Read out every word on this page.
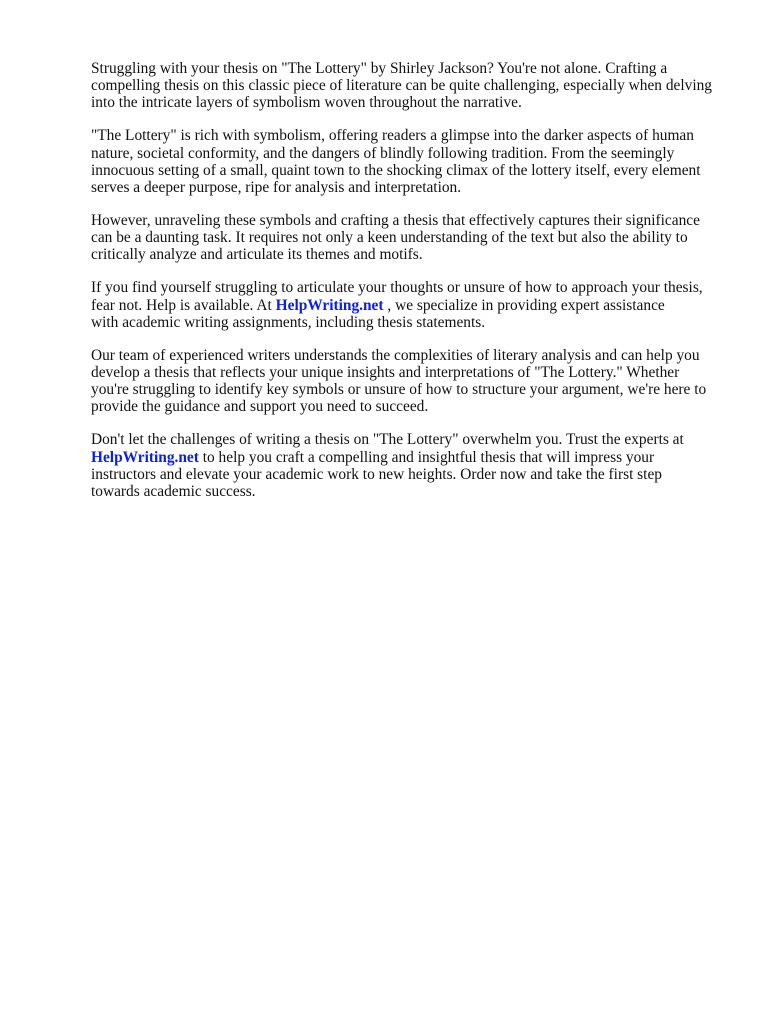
Struggling with your thesis on "The Lottery" by Shirley Jackson? You're not alone. Crafting a
compelling thesis on this classic piece of literature can be quite challenging, especially when delving
into the intricate layers of symbolism woven throughout the narrative.

"The Lottery" is rich with symbolism, offering readers a glimpse into the darker aspects of human
nature, societal conformity, and the dangers of blindly following tradition. From the seemingly
innocuous setting of a small, quaint town to the shocking climax of the lottery itself, every element
serves a deeper purpose, ripe for analysis and interpretation.

However, unraveling these symbols and crafting a thesis that effectively captures their significance
can be a daunting task. It requires not only a keen understanding of the text but also the ability to
critically analyze and articulate its themes and motifs.

If you find yourself struggling to articulate your thoughts or unsure of how to approach your thesis,
fear not. Help is available. At HelpWriting.net , we specialize in providing expert assistance
with academic writing assignments, including thesis statements.

Our team of experienced writers understands the complexities of literary analysis and can help you
develop a thesis that reflects your unique insights and interpretations of "The Lottery." Whether
you're struggling to identify key symbols or unsure of how to structure your argument, we're here to
provide the guidance and support you need to succeed.

Don't let the challenges of writing a thesis on "The Lottery" overwhelm you. Trust the experts at
HelpWriting.net to help you craft a compelling and insightful thesis that will impress your
instructors and elevate your academic work to new heights. Order now and take the first step
towards academic success.
